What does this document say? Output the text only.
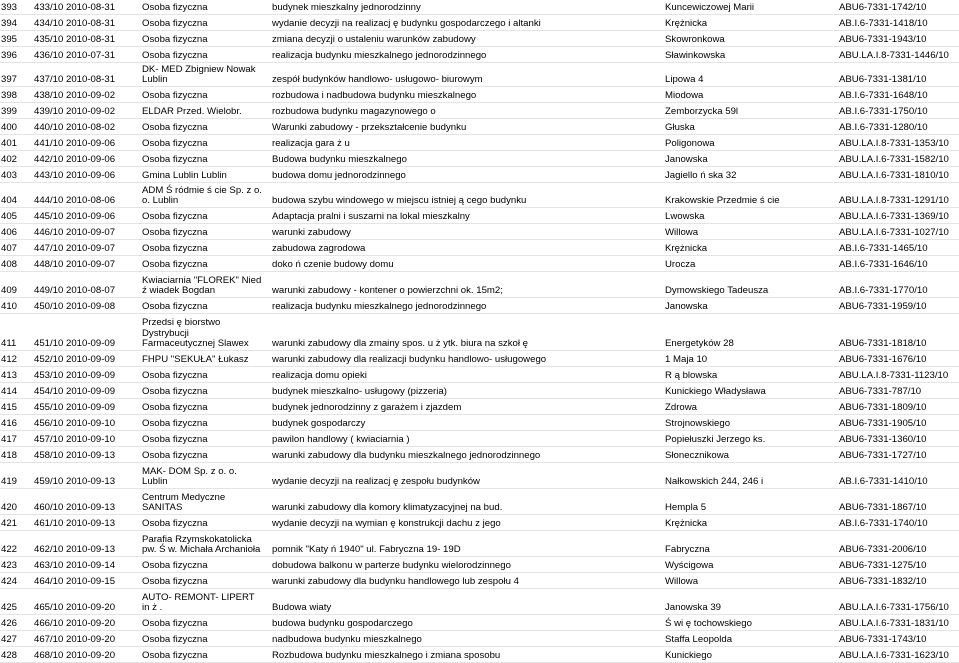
393	433/10 2010-08-31	Osoba fizyczna	budynek mieszkalny jednorodzinny	Kuncewiczowej Marii	ABU6-7331-1742/10
394	434/10 2010-08-31	Osoba fizyczna	wydanie decyzji na realizacj ę budynku gospodarczego i altanki	Krężnicka	AB.I.6-7331-1418/10
395	435/10 2010-08-31	Osoba fizyczna	zmiana decyzji o ustaleniu warunków zabudowy	Skowronkowa	ABU6-7331-1943/10
396	436/10 2010-07-31	Osoba fizyczna	realizacja budynku mieszkalnego jednorodzinnego	Sławinkowska	ABU.LA.I.8-7331-1446/10
397	437/10 2010-08-31	DK- MED Zbigniew Nowak
Lublin	zespół budynków handlowo- usługowo- biurowym	Lipowa 4	ABU6-7331-1381/10
398	438/10 2010-09-02	Osoba fizyczna	rozbudowa i nadbudowa budynku mieszkalnego	Miodowa	AB.I.6-7331-1648/10
399	439/10 2010-09-02	ELDAR Przed. Wielobr.	rozbudowa budynku magazynowego o	Zemborzycka 59l	AB.I.6-7331-1750/10
400	440/10 2010-08-02	Osoba fizyczna	Warunki zabudowy - przekształcenie budynku	Głuska	AB.I.6-7331-1280/10
401	441/10 2010-09-06	Osoba fizyczna	realizacja gara ż u	Poligonowa	ABU.LA.I.8-7331-1353/10
402	442/10 2010-09-06	Osoba fizyczna	Budowa budynku mieszkalnego	Janowska	ABU.LA.I.6-7331-1582/10
403	443/10 2010-09-06	Gmina Lublin Lublin	budowa domu jednorodzinnego	Jagiello ń ska 32	ABU.LA.I.6-7331-1810/10
404	444/10 2010-08-06	ADM Ś ródmie ś cie Sp. z o.
o. Lublin	budowa szybu windowego w miejscu istniej ą cego budynku	Krakowskie Przedmie ś cie	ABU.LA.I.8-7331-1291/10
405	445/10 2010-09-06	Osoba fizyczna	Adaptacja pralni i suszarni na lokal mieszkalny	Lwowska	ABU.LA.I.6-7331-1369/10
406	446/10 2010-09-07	Osoba fizyczna	warunki zabudowy	Willowa	ABU.LA.I.6-7331-1027/10
407	447/10 2010-09-07	Osoba fizyczna	zabudowa zagrodowa	Krężnicka	AB.I.6-7331-1465/10
408	448/10 2010-09-07	Osoba fizyczna	doko ń czenie budowy domu	Urocza	AB.I.6-7331-1646/10
409	449/10 2010-08-07	Kwiaciarnia "FLOREK" Nied
ź wiadek Bogdan	warunki zabudowy - kontener o powierzchni ok. 15m2;	Dymowskiego Tadeusza	AB.I.6-7331-1770/10
410	450/10 2010-09-08	Osoba fizyczna	realizacja budynku mieszkalnego jednorodzinnego	Janowska	ABU6-7331-1959/10
411	451/10 2010-09-09	Przedsi ę biorstwo
Dystrybucji
Farmaceutycznej Slawex	warunki zabudowy dla zmainy spos. u ż ytk. biura na szkoł ę	Energetyków 28	ABU6-7331-1818/10
412	452/10 2010-09-09	FHPU "SEKUŁA" Łukasz	warunki zabudowy dla realizacji budynku handlowo- usługowego	1 Maja 10	ABU6-7331-1676/10
413	453/10 2010-09-09	Osoba fizyczna	realizacja domu opieki	R ą blowska	ABU.LA.I.8-7331-1123/10
414	454/10 2010-09-09	Osoba fizyczna	budynek mieszkalno- usługowy (pizzeria)	Kunickiego Władysława	ABU6-7331-787/10
415	455/10 2010-09-09	Osoba fizyczna	budynek jednorodzinny z garażem i zjazdem	Zdrowa	ABU6-7331-1809/10
416	456/10 2010-09-10	Osoba fizyczna	budynek gospodarczy	Strojnowskiego	ABU6-7331-1905/10
417	457/10 2010-09-10	Osoba fizyczna	pawilon handlowy ( kwiaciarnia )	Popiełuszki Jerzego ks.	ABU6-7331-1360/10
418	458/10 2010-09-13	Osoba fizyczna	warunki zabudowy dla budynku mieszkalnego jednorodzinnego	Słonecznikowa	ABU6-7331-1727/10
419	459/10 2010-09-13	MAK- DOM Sp. z o. o.
Lublin	wydanie decyzji na realizacj ę zespołu budynków	Nałkowskich 244, 246 i	AB.I.6-7331-1410/10
420	460/10 2010-09-13	Centrum Medyczne
SANITAS	warunki zabudowy dla komory klimatyzacyjnej na bud.	Hempla 5	ABU6-7331-1867/10
421	461/10 2010-09-13	Osoba fizyczna	wydanie decyzji na wymian ę konstrukcji dachu z jego	Krężnicka	AB.I.6-7331-1740/10
422	462/10 2010-09-13	Parafia Rzymskokatolicka
pw. Ś w. Michała Archanioła	pomnik "Katy ń 1940" ul. Fabryczna 19- 19D	Fabryczna	ABU6-7331-2006/10
423	463/10 2010-09-14	Osoba fizyczna	dobudowa balkonu w parterze budynku wielorodzinnego	Wyścigowa	ABU6-7331-1275/10
424	464/10 2010-09-15	Osoba fizyczna	warunki zabudowy dla budynku handlowego lub zespołu 4	Willowa	ABU6-7331-1832/10
425	465/10 2010-09-20	AUTO- REMONT- LIPERT
in ż .	Budowa wiaty	Janowska 39	ABU.LA.I.6-7331-1756/10
426	466/10 2010-09-20	Osoba fizyczna	budowa budynku gospodarczego	Ś wi ę tochowskiego	ABU.LA.I.6-7331-1831/10
427	467/10 2010-09-20	Osoba fizyczna	nadbudowa budynku mieszkalnego	Staffa Leopolda	ABU6-7331-1743/10
428	468/10 2010-09-20	Osoba fizyczna	Rozbudowa budynku mieszkalnego i zmiana sposobu	Kunickiego	ABU.LA.I.6-7331-1623/10
